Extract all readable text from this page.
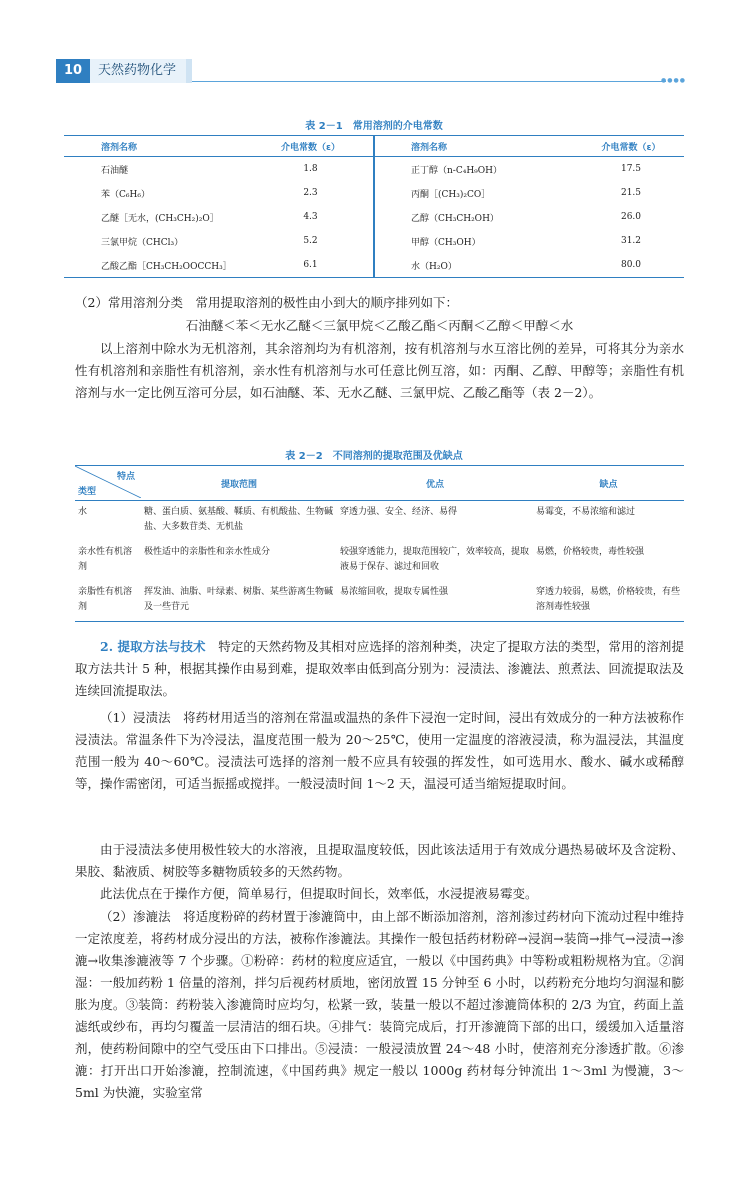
10	天然药物化学
●●●●
表 2－1　常用溶剂的介电常数
	溶剂名称	介电常数（ε）		溶剂名称	介电常数（ε）
	石油醚	1.8		正丁醇（n-C₄H₉OH）	17.5
	苯（C₆H₆）	2.3		丙酮［(CH₃)₂CO］	21.5
	乙醚［无水，(CH₃CH₂)₂O］	4.3		乙醇（CH₃CH₂OH）	26.0
	三氯甲烷（CHCl₃）	5.2		甲醇（CH₃OH）	31.2
	乙酸乙酯［CH₃CH₂OOCCH₃］	6.1		水（H₂O）	80.0
（2）常用溶剂分类　常用提取溶剂的极性由小到大的顺序排列如下：
石油醚＜苯＜无水乙醚＜三氯甲烷＜乙酸乙酯＜丙酮＜乙醇＜甲醇＜水
以上溶剂中除水为无机溶剂，其余溶剂均为有机溶剂，按有机溶剂与水互溶比例的差异，可将其分为亲水性有机溶剂和亲脂性有机溶剂，亲水性有机溶剂与水可任意比例互溶，如：丙酮、乙醇、甲醇等；亲脂性有机溶剂与水一定比例互溶可分层，如石油醚、苯、无水乙醚、三氯甲烷、乙酸乙酯等（表 2－2）。
表 2－2　不同溶剂的提取范围及优缺点
特点
类型	提取范围	优点	缺点
水	糖、蛋白质、氨基酸、鞣质、有机酸盐、生物碱盐、大多数苷类、无机盐	穿透力强、安全、经济、易得	易霉变，不易浓缩和滤过
亲水性有机溶剂	极性适中的亲脂性和亲水性成分	较强穿透能力，提取范围较广，效率较高，提取液易于保存、滤过和回收	易燃，价格较贵，毒性较强
亲脂性有机溶剂	挥发油、油脂、叶绿素、树脂、某些游离生物碱及一些苷元	易浓缩回收，提取专属性强	穿透力较弱，易燃，价格较贵，有些溶剂毒性较强
2. 提取方法与技术　特定的天然药物及其相对应选择的溶剂种类，决定了提取方法的类型，常用的溶剂提取方法共计 5 种，根据其操作由易到难，提取效率由低到高分别为：浸渍法、渗漉法、煎煮法、回流提取法及连续回流提取法。
（1）浸渍法　将药材用适当的溶剂在常温或温热的条件下浸泡一定时间，浸出有效成分的一种方法被称作浸渍法。常温条件下为冷浸法，温度范围一般为 20～25℃，使用一定温度的溶液浸渍，称为温浸法，其温度范围一般为 40～60℃。浸渍法可选择的溶剂一般不应具有较强的挥发性，如可选用水、酸水、碱水或稀醇等，操作需密闭，可适当振摇或搅拌。一般浸渍时间 1～2 天，温浸可适当缩短提取时间。
由于浸渍法多使用极性较大的水溶液，且提取温度较低，因此该法适用于有效成分遇热易破坏及含淀粉、果胶、黏液质、树胶等多糖物质较多的天然药物。
此法优点在于操作方便，简单易行，但提取时间长，效率低，水浸提液易霉变。
（2）渗漉法　将适度粉碎的药材置于渗漉筒中，由上部不断添加溶剂，溶剂渗过药材向下流动过程中维持一定浓度差，将药材成分浸出的方法，被称作渗漉法。其操作一般包括药材粉碎→浸润→装筒→排气→浸渍→渗漉→收集渗漉液等 7 个步骤。①粉碎：药材的粒度应适宜，一般以《中国药典》中等粉或粗粉规格为宜。②润湿：一般加药粉 1 倍量的溶剂，拌匀后视药材质地，密闭放置 15 分钟至 6 小时，以药粉充分地均匀润湿和膨胀为度。③装筒：药粉装入渗漉筒时应均匀，松紧一致，装量一般以不超过渗漉筒体积的 2/3 为宜，药面上盖滤纸或纱布，再均匀覆盖一层清洁的细石块。④排气：装筒完成后，打开渗漉筒下部的出口，缓缓加入适量溶剂，使药粉间隙中的空气受压由下口排出。⑤浸渍：一般浸渍放置 24～48 小时，使溶剂充分渗透扩散。⑥渗漉：打开出口开始渗漉，控制流速，《中国药典》规定一般以 1000g 药材每分钟流出 1～3ml 为慢漉，3～5ml 为快漉，实验室常
